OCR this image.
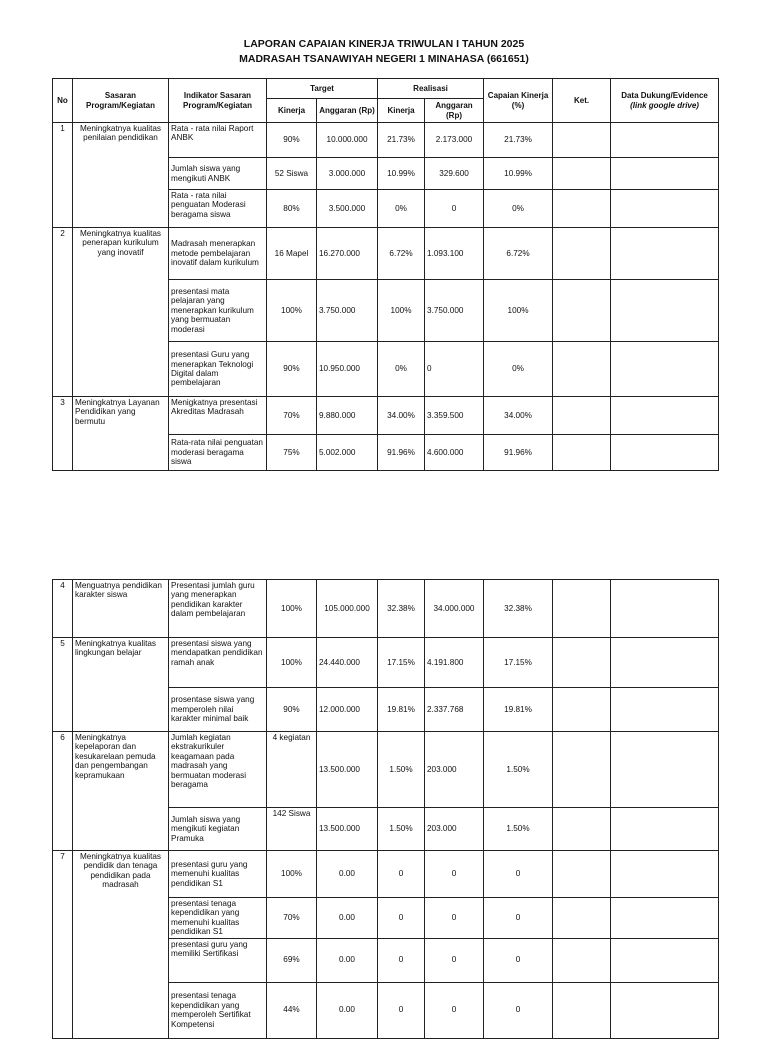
LAPORAN CAPAIAN KINERJA TRIWULAN I TAHUN 2025
MADRASAH TSANAWIYAH NEGERI 1 MINAHASA (661651)
No	Sasaran Program/Kegiatan	Indikator Sasaran Program/Kegiatan	Target		Realisasi		Capaian Kinerja (%)	Ket.	Data Dukung/Evidence
(link google drive)
			Kinerja	Anggaran (Rp)	Kinerja	Anggaran (Rp)			
1	Meningkatnya kualitas penilaian pendidikan	Rata - rata nilai Raport ANBK	90%	10.000.000	21.73%	2.173.000	21.73%		
		Jumlah siswa yang mengikuti ANBK	52 Siswa	3.000.000	10.99%	329.600	10.99%		
		Rata - rata nilai penguatan Moderasi beragama siswa	80%	3.500.000	0%	0	0%		
2	Meningkatnya kualitas penerapan kurikulum yang inovatif	Madrasah menerapkan metode pembelajaran inovatif dalam kurikulum	16 Mapel	16.270.000	6.72%	1.093.100	6.72%		
		presentasi mata pelajaran yang menerapkan kurikulum yang bermuatan moderasi	100%	3.750.000	100%	3.750.000	100%		
		presentasi Guru yang menerapkan Teknologi Digital dalam pembelajaran	90%	10.950.000	0%	0	0%		
3	Meningkatnya Layanan Pendidikan yang bermutu	Menigkatnya presentasi Akreditas Madrasah	70%	9.880.000	34.00%	3.359.500	34.00%		
		Rata-rata nilai penguatan moderasi beragama siswa	75%	5.002.000	91.96%	4.600.000	91.96%		
4	Menguatnya pendidikan karakter siswa	Presentasi jumlah guru yang menerapkan pendidikan karakter dalam pembelajaran	100%	105.000.000	32.38%	34.000.000	32.38%		
5	Meningkatnya kualitas lingkungan belajar	presentasi siswa yang mendapatkan pendidikan ramah anak	100%	24.440.000	17.15%	4.191.800	17.15%		
		prosentase siswa yang memperoleh nilai karakter minimal baik	90%	12.000.000	19.81%	2.337.768	19.81%		
6	Meningkatnya kepelaporan dan kesukarelaan pemuda dan pengembangan kepramukaan	Jumlah kegiatan ekstrakurikuler keagamaan pada madrasah yang bermuatan moderasi beragama	4 kegiatan	13.500.000	1.50%	203.000	1.50%		
		Jumlah siswa yang mengikuti kegiatan Pramuka	142 Siswa	13.500.000	1.50%	203.000	1.50%		
7	Meningkatnya kualitas pendidik dan tenaga pendidikan pada madrasah	presentasi guru yang memenuhi kualitas pendidikan S1	100%	0.00	0	0	0		
		presentasi tenaga kependidikan yang memenuhi kualitas pendidikan S1	70%	0.00	0	0	0		
		presentasi guru yang memiliki Sertifikasi	69%	0.00	0	0	0		
		presentasi tenaga kependidikan yang memperoleh Sertifikat Kompetensi	44%	0.00	0	0	0		
